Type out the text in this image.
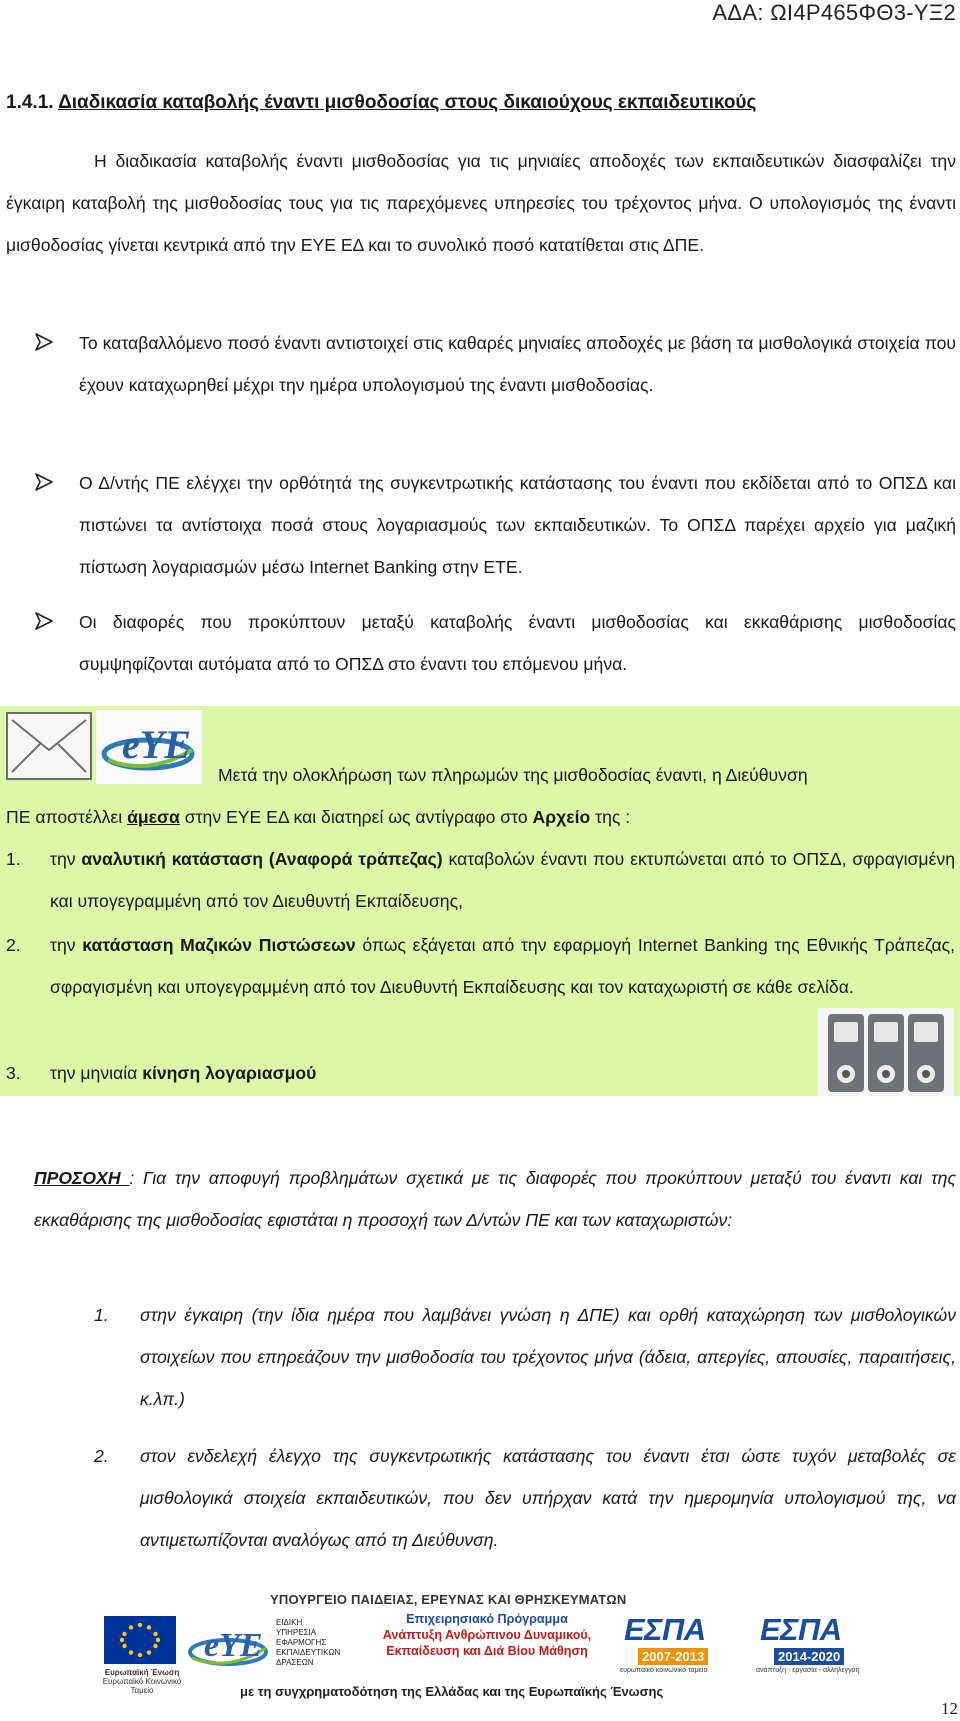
ΑΔΑ: ΩΙ4Ρ465ΦΘ3-ΥΞ2
1.4.1. Διαδικασία καταβολής έναντι μισθοδοσίας στους δικαιούχους εκπαιδευτικούς
Η διαδικασία καταβολής έναντι μισθοδοσίας για τις μηνιαίες αποδοχές των εκπαιδευτικών διασφαλίζει την έγκαιρη καταβολή της μισθοδοσίας τους για τις παρεχόμενες υπηρεσίες του τρέχοντος μήνα. Ο υπολογισμός της έναντι μισθοδοσίας γίνεται κεντρικά από την ΕΥΕ ΕΔ και το συνολικό ποσό κατατίθεται στις ΔΠΕ.
Το καταβαλλόμενο ποσό έναντι αντιστοιχεί στις καθαρές μηνιαίες αποδοχές με βάση τα μισθολογικά στοιχεία που έχουν καταχωρηθεί μέχρι την ημέρα υπολογισμού της έναντι μισθοδοσίας.
Ο Δ/ντής ΠΕ ελέγχει την ορθότητά της συγκεντρωτικής κατάστασης του έναντι που εκδίδεται από το ΟΠΣΔ και πιστώνει τα αντίστοιχα ποσά στους λογαριασμούς των εκπαιδευτικών. Το ΟΠΣΔ παρέχει αρχείο για μαζική πίστωση λογαριασμών μέσω Internet Banking στην ΕΤΕ.
Οι διαφορές που προκύπτουν μεταξύ καταβολής έναντι μισθοδοσίας και εκκαθάρισης μισθοδοσίας συμψηφίζονται αυτόματα από το ΟΠΣΔ στο έναντι του επόμενου μήνα.
eYE
Μετά την ολοκλήρωση των πληρωμών της μισθοδοσίας έναντι, η Διεύθυνση
ΠΕ αποστέλλει άμεσα στην ΕΥΕ ΕΔ και διατηρεί ως αντίγραφο στο Αρχείο της :
1. την αναλυτική κατάσταση (Αναφορά τράπεζας) καταβολών έναντι που εκτυπώνεται από το ΟΠΣΔ, σφραγισμένη και υπογεγραμμένη από τον Διευθυντή Εκπαίδευσης,
2. την κατάσταση Μαζικών Πιστώσεων όπως εξάγεται από την εφαρμογή Internet Banking της Εθνικής Τράπεζας, σφραγισμένη και υπογεγραμμένη από τον Διευθυντή Εκπαίδευσης και τον καταχωριστή σε κάθε σελίδα.
3. την μηνιαία κίνηση λογαριασμού
ΠΡΟΣΟΧΗ : Για την αποφυγή προβλημάτων σχετικά με τις διαφορές που προκύπτουν μεταξύ του έναντι και της εκκαθάρισης της μισθοδοσίας εφιστάται η προσοχή των Δ/ντών ΠΕ και των καταχωριστών:
1. στην έγκαιρη (την ίδια ημέρα που λαμβάνει γνώση η ΔΠΕ) και ορθή καταχώρηση των μισθολογικών στοιχείων που επηρεάζουν την μισθοδοσία του τρέχοντος μήνα (άδεια, απεργίες, απουσίες, παραιτήσεις, κ.λπ.)
2. στον ενδελεχή έλεγχο της συγκεντρωτικής κατάστασης του έναντι έτσι ώστε τυχόν μεταβολές σε μισθολογικά στοιχεία εκπαιδευτικών, που δεν υπήρχαν κατά την ημερομηνία υπολογισμού της, να αντιμετωπίζονται αναλόγως από τη Διεύθυνση.
ΥΠΟΥΡΓΕΙΟ ΠΑΙΔΕΙΑΣ, ΕΡΕΥΝΑΣ ΚΑΙ ΘΡΗΣΚΕΥΜΑΤΩΝ
Ευρωπαϊκή Ένωση
Ευρωπαϊκό Κοινωνικό Ταμείο
eYE
ΕΙΔΙΚΗ
ΥΠΗΡΕΣΙΑ
ΕΦΑΡΜΟΓΗΣ
ΕΚΠΑΙΔΕΥΤΙΚΩΝ
ΔΡΑΣΕΩΝ
Επιχειρησιακό Πρόγραμμα
Ανάπτυξη Ανθρώπινου Δυναμικού,
Εκπαίδευση και Διά Βίου Μάθηση
ΕΣΠΑ
2007-2013
ευρωπαϊκό κοινωνικό ταμείο
ΕΣΠΑ
2014-2020
ανάπτυξη - εργασία - αλληλεγγύη
με τη συγχρηματοδότηση της Ελλάδας και της Ευρωπαϊκής Ένωσης
12
